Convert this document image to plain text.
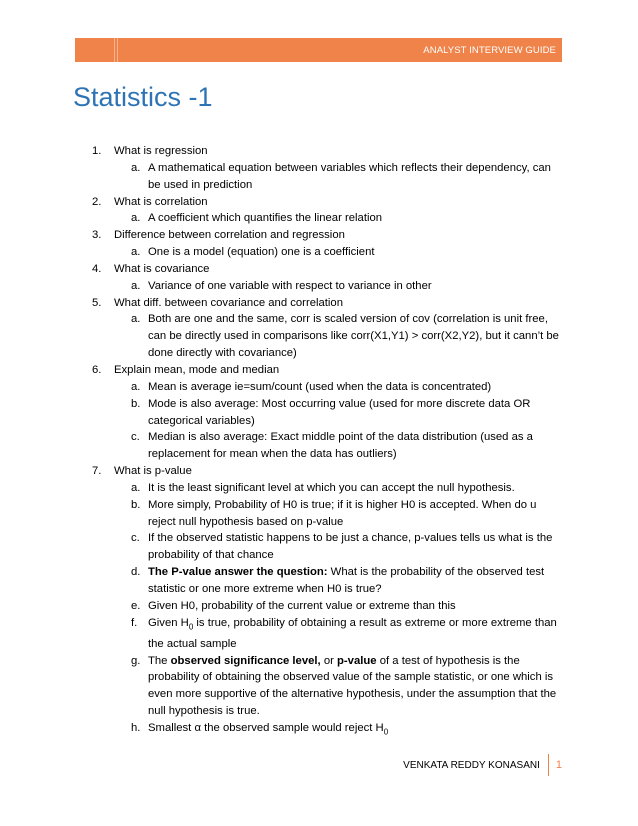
ANALYST INTERVIEW GUIDE
Statistics -1
1. What is regression
a. A mathematical equation between variables which reflects their dependency, can be used in prediction
2. What is correlation
a. A coefficient which quantifies the linear relation
3. Difference between correlation and regression
a. One is a model (equation) one is a coefficient
4. What is covariance
a. Variance of one variable with respect to variance in other
5. What diff. between covariance and correlation
a. Both are one and the same, corr is scaled version of cov (correlation is unit free, can be directly used in comparisons like corr(X1,Y1) > corr(X2,Y2), but it cann’t be done directly with covariance)
6. Explain mean, mode and median
a. Mean is average ie=sum/count (used when the data is concentrated)
b. Mode is also average: Most occurring value (used for more discrete data OR categorical variables)
c. Median is also average: Exact middle point of the data distribution (used as a replacement for mean when the data has outliers)
7. What is p-value
a. It is the least significant level at which you can accept the null hypothesis.
b. More simply, Probability of H0 is true; if it is higher H0 is accepted. When do u reject null hypothesis based on p-value
c. If the observed statistic happens to be just a chance, p-values tells us what is the probability of that chance
d. The P-value answer the question: What is the probability of the observed test statistic or one more extreme when H0 is true?
e. Given H0, probability of the current value or extreme than this
f. Given $H_0$ is true, probability of obtaining a result as extreme or more extreme than the actual sample
g. The observed significance level, or p-value of a test of hypothesis is the probability of obtaining the observed value of the sample statistic, or one which is even more supportive of the alternative hypothesis, under the assumption that the null hypothesis is true.
h. Smallest α the observed sample would reject $H_0$
VENKATA REDDY KONASANI	1
